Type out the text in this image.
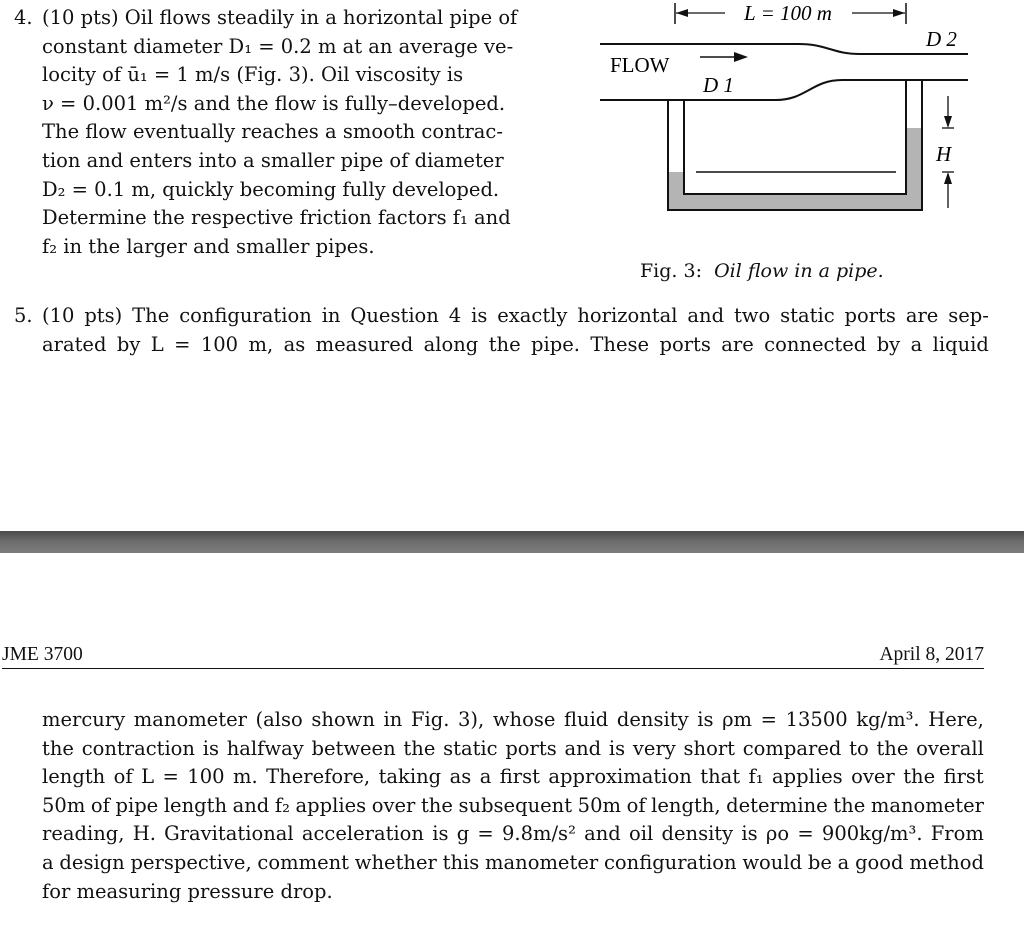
4. (10 pts) Oil flows steadily in a horizontal pipe of
constant diameter D₁ = 0.2 m at an average ve-
locity of ū₁ = 1 m/s (Fig. 3). Oil viscosity is
ν = 0.001 m²/s and the flow is fully–developed.
The flow eventually reaches a smooth contrac-
tion and enters into a smaller pipe of diameter
D₂ = 0.1 m, quickly becoming fully developed.
Determine the respective friction factors f₁ and
f₂ in the larger and smaller pipes.
L = 100 m
D 2
FLOW
D 1
H
Fig. 3: Oil flow in a pipe.
5. (10 pts) The configuration in Question 4 is exactly horizontal and two static ports are sep-
arated by L = 100 m, as measured along the pipe. These ports are connected by a liquid
JME 3700	April 8, 2017
mercury manometer (also shown in Fig. 3), whose fluid density is ρm = 13500 kg/m³. Here,
the contraction is halfway between the static ports and is very short compared to the overall
length of L = 100 m. Therefore, taking as a first approximation that f₁ applies over the first
50m of pipe length and f₂ applies over the subsequent 50m of length, determine the manometer
reading, H. Gravitational acceleration is g = 9.8m/s² and oil density is ρo = 900kg/m³. From
a design perspective, comment whether this manometer configuration would be a good method
for measuring pressure drop.
